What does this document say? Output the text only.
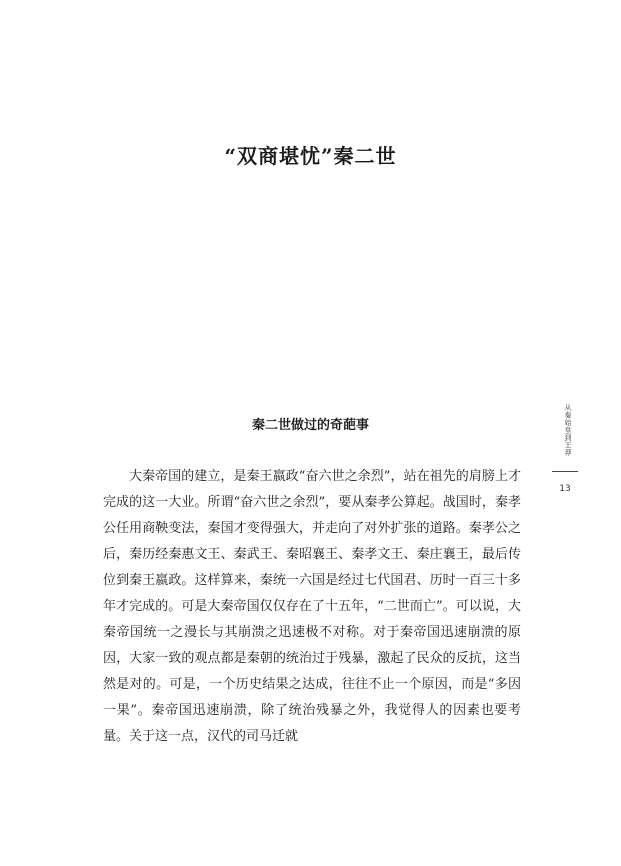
“双商堪忧”秦二世
秦二世做过的奇葩事

大秦帝国的建立，是秦王嬴政“奋六世之余烈”，站在祖先的肩膀上才完成的这一大业。所谓“奋六世之余烈”，要从秦孝公算起。战国时，秦孝公任用商鞅变法，秦国才变得强大，并走向了对外扩张的道路。秦孝公之后，秦历经秦惠文王、秦武王、秦昭襄王、秦孝文王、秦庄襄王，最后传位到秦王嬴政。这样算来，秦统一六国是经过七代国君、历时一百三十多年才完成的。可是大秦帝国仅仅存在了十五年，“二世而亡”。可以说，大秦帝国统一之漫长与其崩溃之迅速极不对称。对于秦帝国迅速崩溃的原因，大家一致的观点都是秦朝的统治过于残暴，激起了民众的反抗，这当然是对的。可是，一个历史结果之达成，往往不止一个原因，而是“多因一果”。秦帝国迅速崩溃，除了统治残暴之外，我觉得人的因素也要考量。关于这一点，汉代的司马迁就

从秦始皇到王莽
13
